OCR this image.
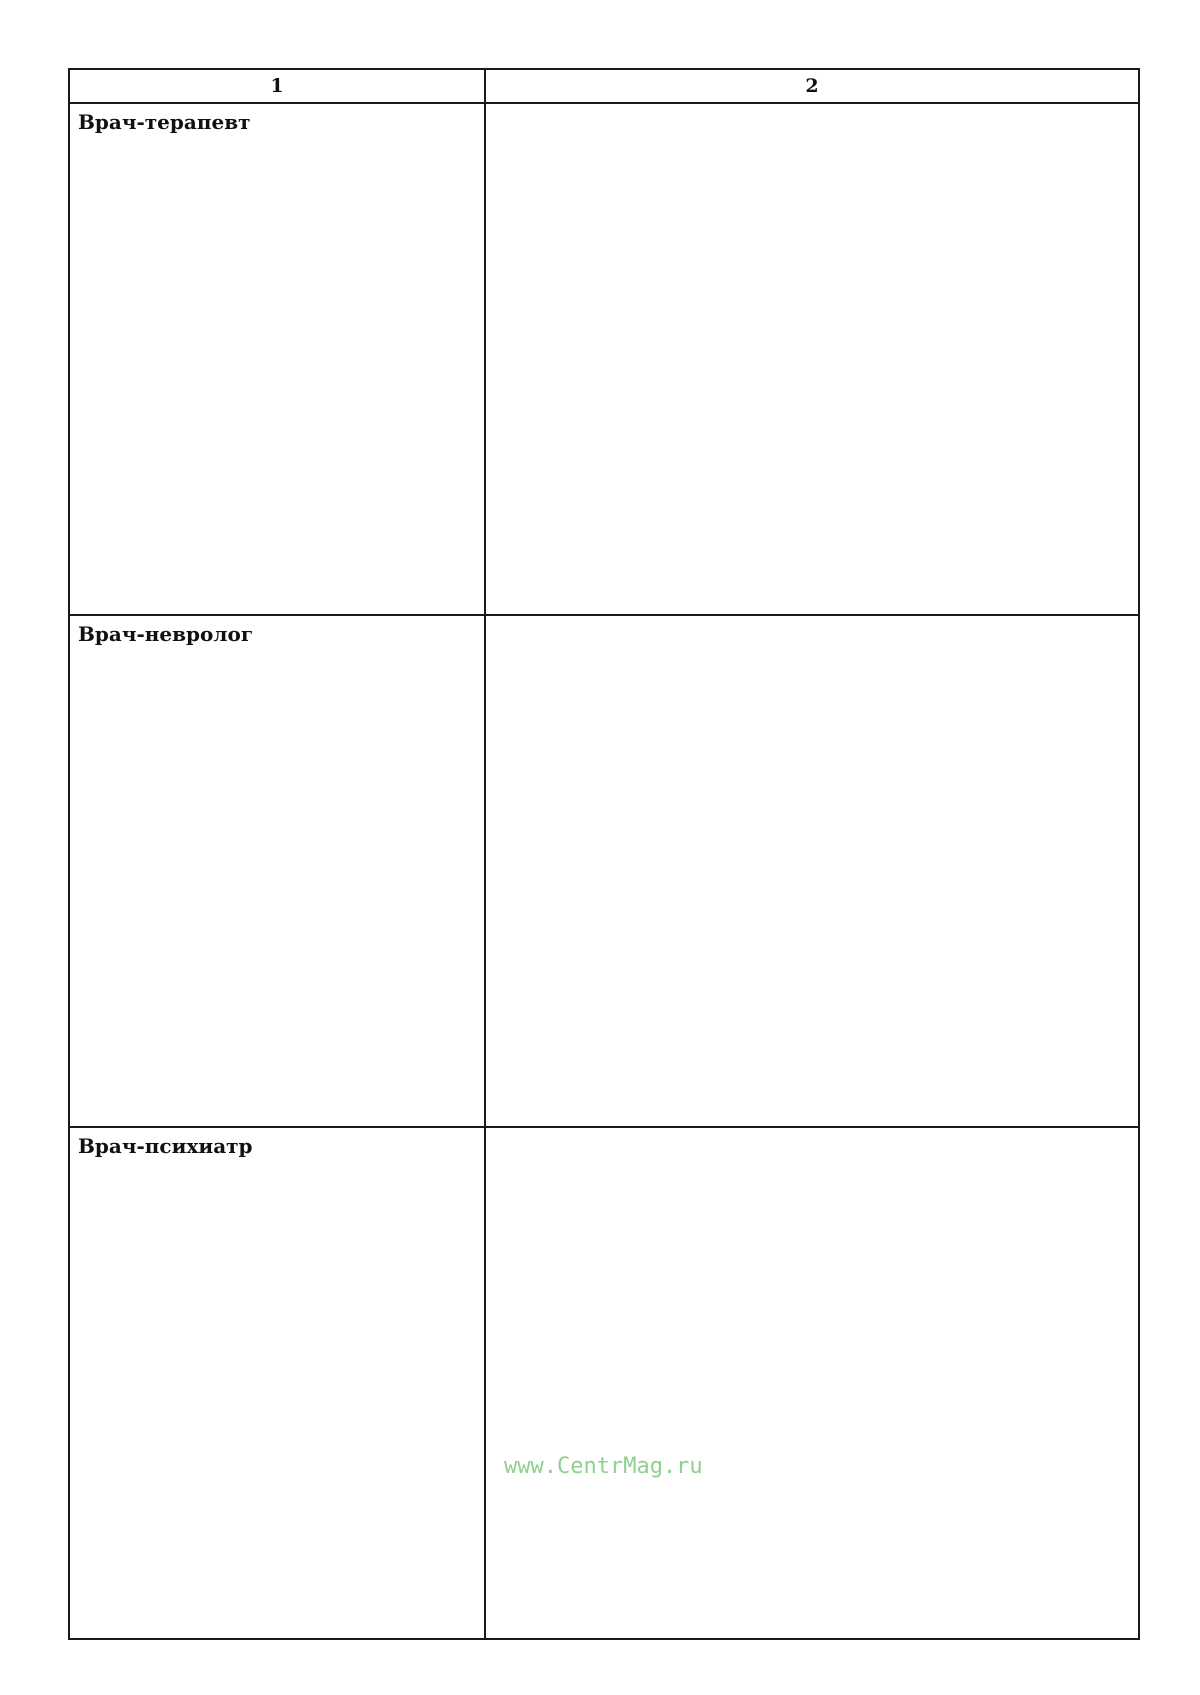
1	2
Врач-терапевт	
Врач-невролог	
Врач-психиатр	www.CentrMag.ru
